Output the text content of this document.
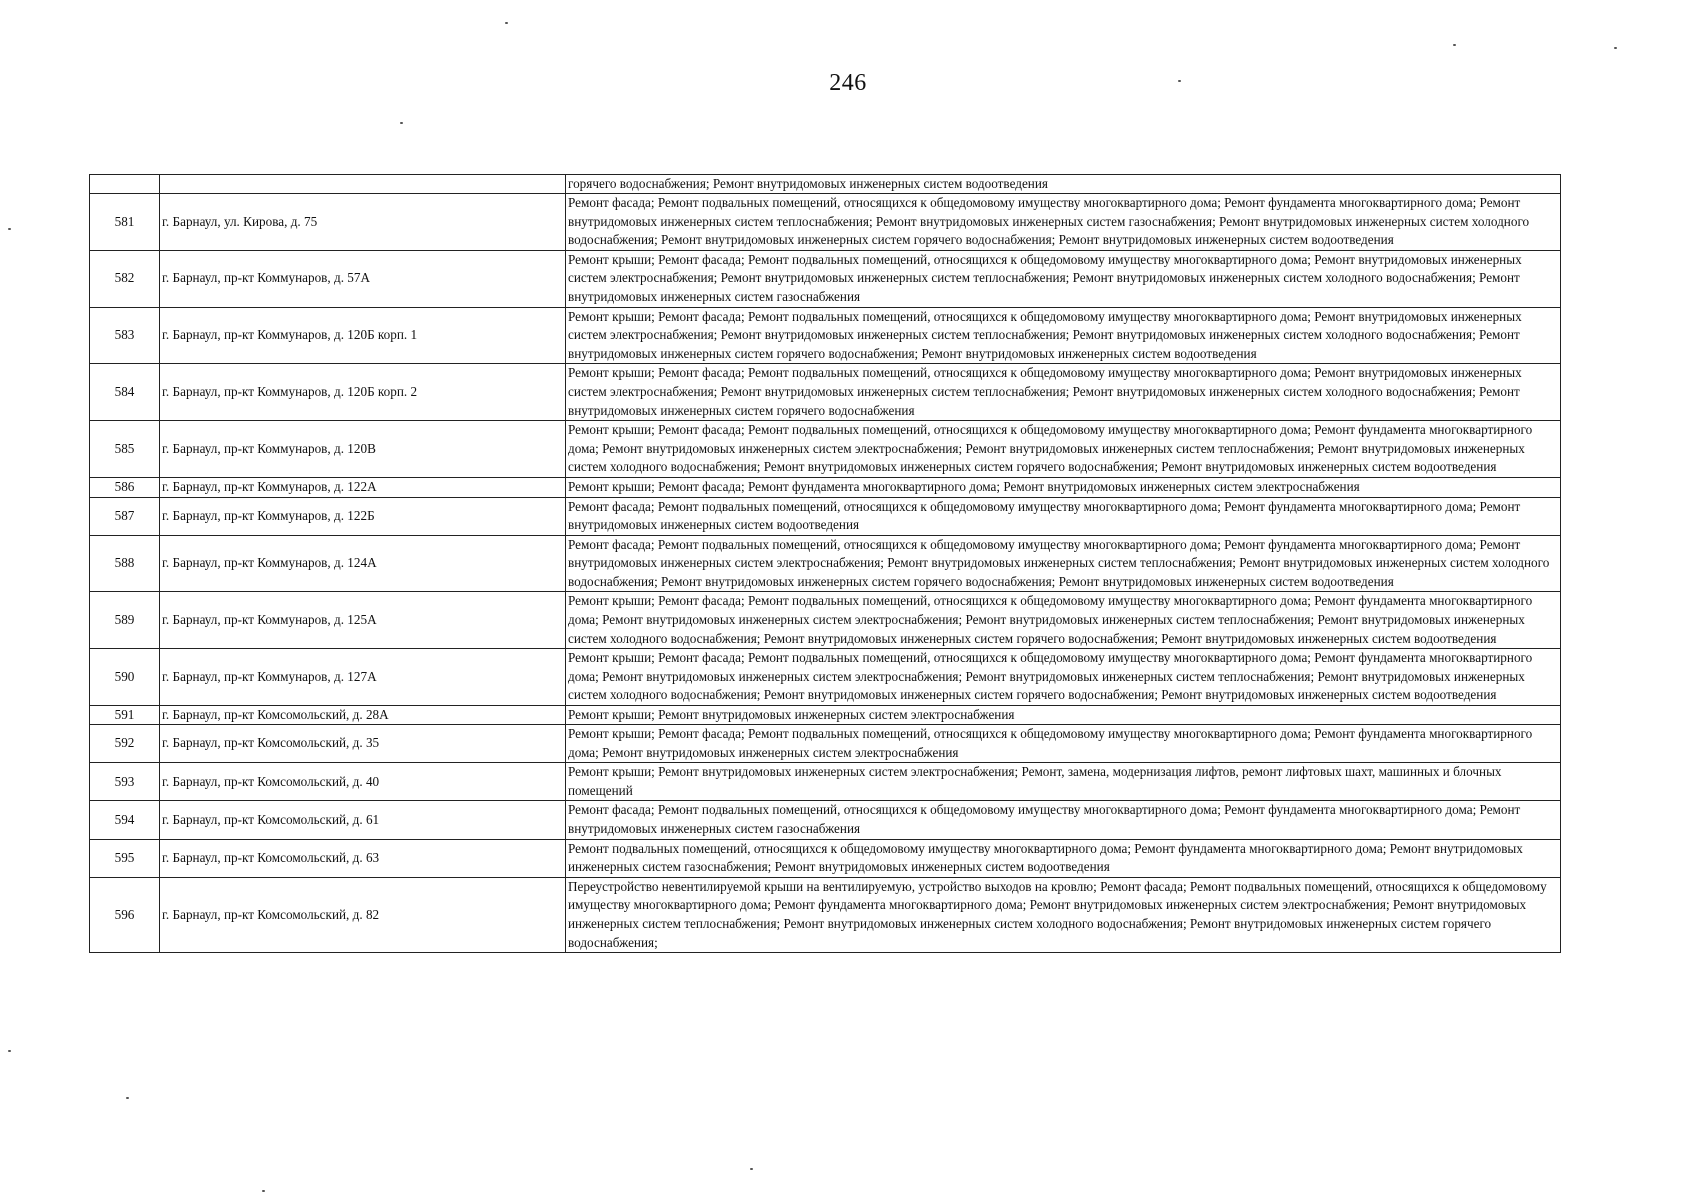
246
		горячего водоснабжения; Ремонт внутридомовых инженерных систем водоотведения
581	г. Барнаул, ул. Кирова, д. 75	Ремонт фасада; Ремонт подвальных помещений, относящихся к общедомовому имуществу многоквартирного дома; Ремонт фундамента многоквартирного дома; Ремонт внутридомовых инженерных систем теплоснабжения; Ремонт внутридомовых инженерных систем газоснабжения; Ремонт внутридомовых инженерных систем холодного водоснабжения; Ремонт внутридомовых инженерных систем горячего водоснабжения; Ремонт внутридомовых инженерных систем водоотведения
582	г. Барнаул, пр-кт Коммунаров, д. 57А	Ремонт крыши; Ремонт фасада; Ремонт подвальных помещений, относящихся к общедомовому имуществу многоквартирного дома; Ремонт внутридомовых инженерных систем электроснабжения; Ремонт внутридомовых инженерных систем теплоснабжения; Ремонт внутридомовых инженерных систем холодного водоснабжения; Ремонт внутридомовых инженерных систем газоснабжения
583	г. Барнаул, пр-кт Коммунаров, д. 120Б корп. 1	Ремонт крыши; Ремонт фасада; Ремонт подвальных помещений, относящихся к общедомовому имуществу многоквартирного дома; Ремонт внутридомовых инженерных систем электроснабжения; Ремонт внутридомовых инженерных систем теплоснабжения; Ремонт внутридомовых инженерных систем холодного водоснабжения; Ремонт внутридомовых инженерных систем горячего водоснабжения; Ремонт внутридомовых инженерных систем водоотведения
584	г. Барнаул, пр-кт Коммунаров, д. 120Б корп. 2	Ремонт крыши; Ремонт фасада; Ремонт подвальных помещений, относящихся к общедомовому имуществу многоквартирного дома; Ремонт внутридомовых инженерных систем электроснабжения; Ремонт внутридомовых инженерных систем теплоснабжения; Ремонт внутридомовых инженерных систем холодного водоснабжения; Ремонт внутридомовых инженерных систем горячего водоснабжения
585	г. Барнаул, пр-кт Коммунаров, д. 120В	Ремонт крыши; Ремонт фасада; Ремонт подвальных помещений, относящихся к общедомовому имуществу многоквартирного дома; Ремонт фундамента многоквартирного дома; Ремонт внутридомовых инженерных систем электроснабжения; Ремонт внутридомовых инженерных систем теплоснабжения; Ремонт внутридомовых инженерных систем холодного водоснабжения; Ремонт внутридомовых инженерных систем горячего водоснабжения; Ремонт внутридомовых инженерных систем водоотведения
586	г. Барнаул, пр-кт Коммунаров, д. 122А	Ремонт крыши; Ремонт фасада; Ремонт фундамента многоквартирного дома; Ремонт внутридомовых инженерных систем электроснабжения
587	г. Барнаул, пр-кт Коммунаров, д. 122Б	Ремонт фасада; Ремонт подвальных помещений, относящихся к общедомовому имуществу многоквартирного дома; Ремонт фундамента многоквартирного дома; Ремонт внутридомовых инженерных систем водоотведения
588	г. Барнаул, пр-кт Коммунаров, д. 124А	Ремонт фасада; Ремонт подвальных помещений, относящихся к общедомовому имуществу многоквартирного дома; Ремонт фундамента многоквартирного дома; Ремонт внутридомовых инженерных систем электроснабжения; Ремонт внутридомовых инженерных систем теплоснабжения; Ремонт внутридомовых инженерных систем холодного водоснабжения; Ремонт внутридомовых инженерных систем горячего водоснабжения; Ремонт внутридомовых инженерных систем водоотведения
589	г. Барнаул, пр-кт Коммунаров, д. 125А	Ремонт крыши; Ремонт фасада; Ремонт подвальных помещений, относящихся к общедомовому имуществу многоквартирного дома; Ремонт фундамента многоквартирного дома; Ремонт внутридомовых инженерных систем электроснабжения; Ремонт внутридомовых инженерных систем теплоснабжения; Ремонт внутридомовых инженерных систем холодного водоснабжения; Ремонт внутридомовых инженерных систем горячего водоснабжения; Ремонт внутридомовых инженерных систем водоотведения
590	г. Барнаул, пр-кт Коммунаров, д. 127А	Ремонт крыши; Ремонт фасада; Ремонт подвальных помещений, относящихся к общедомовому имуществу многоквартирного дома; Ремонт фундамента многоквартирного дома; Ремонт внутридомовых инженерных систем электроснабжения; Ремонт внутридомовых инженерных систем теплоснабжения; Ремонт внутридомовых инженерных систем холодного водоснабжения; Ремонт внутридомовых инженерных систем горячего водоснабжения; Ремонт внутридомовых инженерных систем водоотведения
591	г. Барнаул, пр-кт Комсомольский, д. 28А	Ремонт крыши; Ремонт внутридомовых инженерных систем электроснабжения
592	г. Барнаул, пр-кт Комсомольский, д. 35	Ремонт крыши; Ремонт фасада; Ремонт подвальных помещений, относящихся к общедомовому имуществу многоквартирного дома; Ремонт фундамента многоквартирного дома; Ремонт внутридомовых инженерных систем электроснабжения
593	г. Барнаул, пр-кт Комсомольский, д. 40	Ремонт крыши; Ремонт внутридомовых инженерных систем электроснабжения; Ремонт, замена, модернизация лифтов, ремонт лифтовых шахт, машинных и блочных помещений
594	г. Барнаул, пр-кт Комсомольский, д. 61	Ремонт фасада; Ремонт подвальных помещений, относящихся к общедомовому имуществу многоквартирного дома; Ремонт фундамента многоквартирного дома; Ремонт внутридомовых инженерных систем газоснабжения
595	г. Барнаул, пр-кт Комсомольский, д. 63	Ремонт подвальных помещений, относящихся к общедомовому имуществу многоквартирного дома; Ремонт фундамента многоквартирного дома; Ремонт внутридомовых инженерных систем газоснабжения; Ремонт внутридомовых инженерных систем водоотведения
596	г. Барнаул, пр-кт Комсомольский, д. 82	Переустройство невентилируемой крыши на вентилируемую, устройство выходов на кровлю; Ремонт фасада; Ремонт подвальных помещений, относящихся к общедомовому имуществу многоквартирного дома; Ремонт фундамента многоквартирного дома; Ремонт внутридомовых инженерных систем электроснабжения; Ремонт внутридомовых инженерных систем теплоснабжения; Ремонт внутридомовых инженерных систем холодного водоснабжения; Ремонт внутридомовых инженерных систем горячего водоснабжения;
